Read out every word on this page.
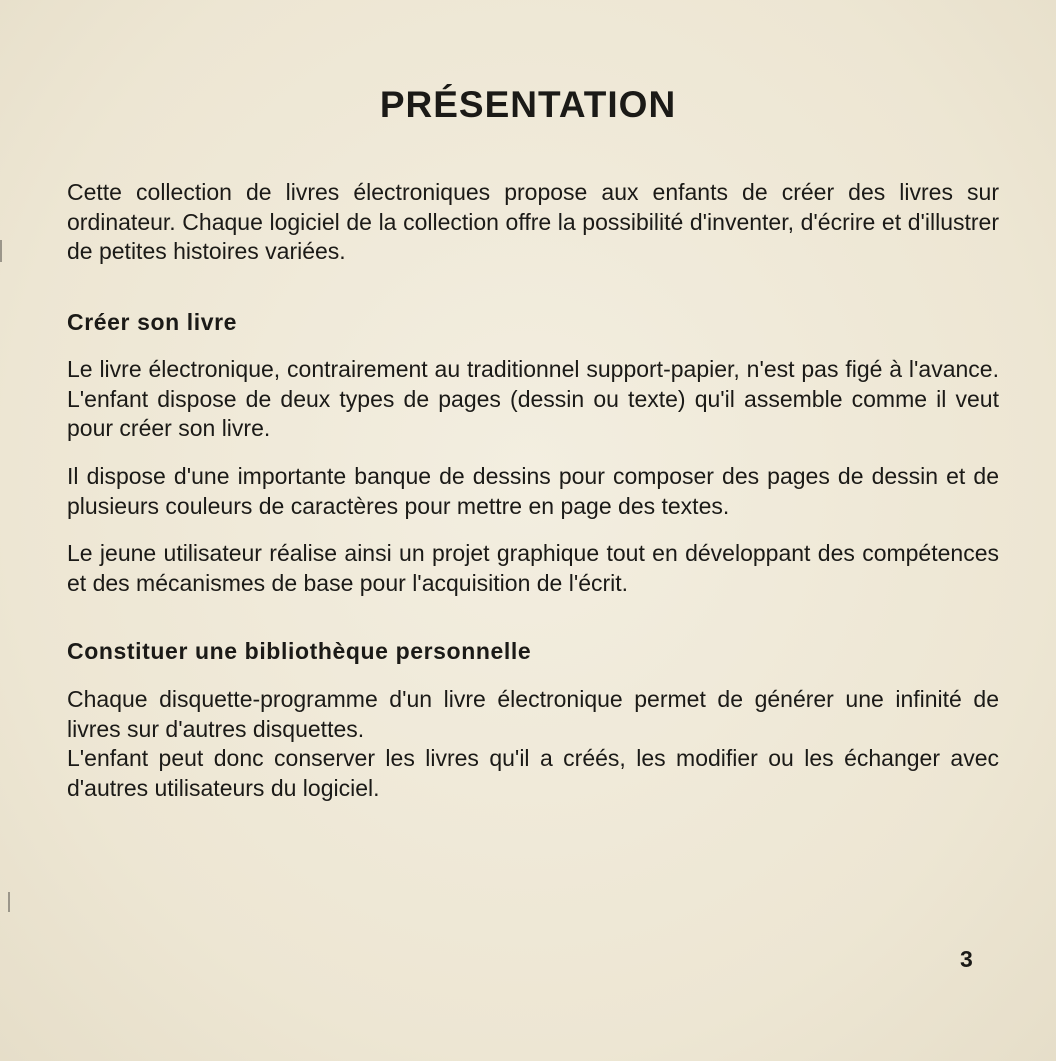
PRÉSENTATION
Cette collection de livres électroniques propose aux enfants de créer des livres sur ordinateur. Chaque logiciel de la collection offre la possibilité d'inventer, d'écrire et d'illustrer de petites histoires variées.
Créer son livre
Le livre électronique, contrairement au traditionnel support-papier, n'est pas figé à l'avance. L'enfant dispose de deux types de pages (dessin ou texte) qu'il assemble comme il veut pour créer son livre.
Il dispose d'une importante banque de dessins pour composer des pages de dessin et de plusieurs couleurs de caractères pour mettre en page des textes.
Le jeune utilisateur réalise ainsi un projet graphique tout en développant des compétences et des mécanismes de base pour l'acquisition de l'écrit.
Constituer une bibliothèque personnelle
Chaque disquette-programme d'un livre électronique permet de générer une infinité de livres sur d'autres disquettes.
L'enfant peut donc conserver les livres qu'il a créés, les modifier ou les échanger avec d'autres utilisateurs du logiciel.
3
